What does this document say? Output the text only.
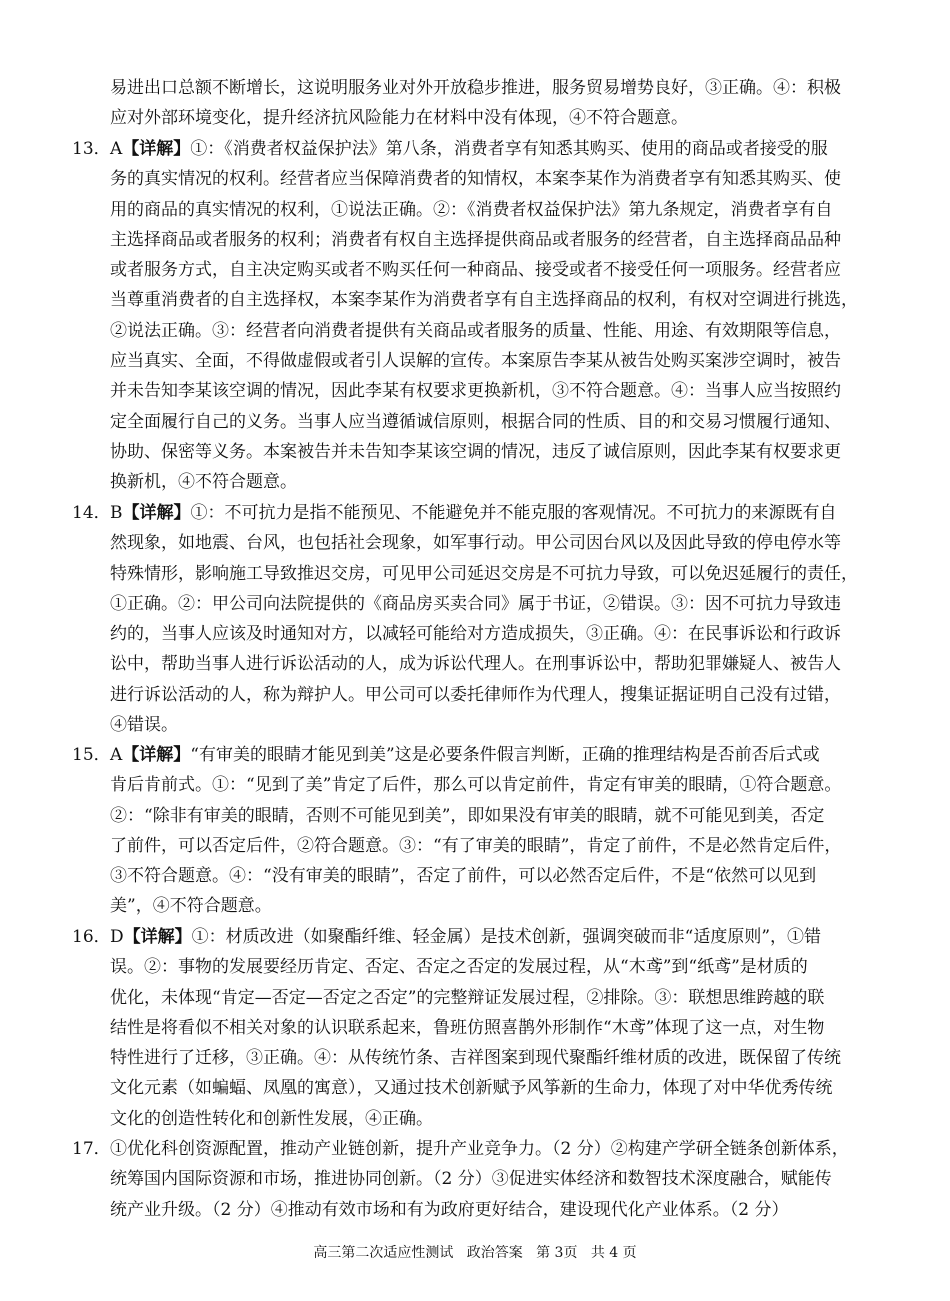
易进出口总额不断增长，这说明服务业对外开放稳步推进，服务贸易增势良好，③正确。④：积极
应对外部环境变化，提升经济抗风险能力在材料中没有体现，④不符合题意。
13．A【详解】①：《消费者权益保护法》第八条，消费者享有知悉其购买、使用的商品或者接受的服
务的真实情况的权利。经营者应当保障消费者的知情权，本案李某作为消费者享有知悉其购买、使
用的商品的真实情况的权利，①说法正确。②：《消费者权益保护法》第九条规定，消费者享有自
主选择商品或者服务的权利；消费者有权自主选择提供商品或者服务的经营者，自主选择商品品种
或者服务方式，自主决定购买或者不购买任何一种商品、接受或者不接受任何一项服务。经营者应
当尊重消费者的自主选择权，本案李某作为消费者享有自主选择商品的权利，有权对空调进行挑选，
②说法正确。③：经营者向消费者提供有关商品或者服务的质量、性能、用途、有效期限等信息，
应当真实、全面，不得做虚假或者引人误解的宣传。本案原告李某从被告处购买案涉空调时，被告
并未告知李某该空调的情况，因此李某有权要求更换新机，③不符合题意。④：当事人应当按照约
定全面履行自己的义务。当事人应当遵循诚信原则，根据合同的性质、目的和交易习惯履行通知、
协助、保密等义务。本案被告并未告知李某该空调的情况，违反了诚信原则，因此李某有权要求更
换新机，④不符合题意。
14．B【详解】①：不可抗力是指不能预见、不能避免并不能克服的客观情况。不可抗力的来源既有自
然现象，如地震、台风，也包括社会现象，如军事行动。甲公司因台风以及因此导致的停电停水等
特殊情形，影响施工导致推迟交房，可见甲公司延迟交房是不可抗力导致，可以免迟延履行的责任，
①正确。②：甲公司向法院提供的《商品房买卖合同》属于书证，②错误。③：因不可抗力导致违
约的，当事人应该及时通知对方，以减轻可能给对方造成损失，③正确。④：在民事诉讼和行政诉
讼中，帮助当事人进行诉讼活动的人，成为诉讼代理人。在刑事诉讼中，帮助犯罪嫌疑人、被告人
进行诉讼活动的人，称为辩护人。甲公司可以委托律师作为代理人，搜集证据证明自己没有过错，
④错误。
15．A【详解】“有审美的眼睛才能见到美”这是必要条件假言判断，正确的推理结构是否前否后式或
肯后肯前式。①：“见到了美”肯定了后件，那么可以肯定前件，肯定有审美的眼睛，①符合题意。
②：“除非有审美的眼睛，否则不可能见到美”，即如果没有审美的眼睛，就不可能见到美，否定
了前件，可以否定后件，②符合题意。③：“有了审美的眼睛”，肯定了前件，不是必然肯定后件，
③不符合题意。④：“没有审美的眼睛”，否定了前件，可以必然否定后件，不是“依然可以见到
美”，④不符合题意。
16．D【详解】①：材质改进（如聚酯纤维、轻金属）是技术创新，强调突破而非“适度原则”，①错
误。②：事物的发展要经历肯定、否定、否定之否定的发展过程，从“木鸢”到“纸鸢”是材质的
优化，未体现“肯定—否定—否定之否定”的完整辩证发展过程，②排除。③：联想思维跨越的联
结性是将看似不相关对象的认识联系起来，鲁班仿照喜鹊外形制作“木鸢”体现了这一点，对生物
特性进行了迁移，③正确。④：从传统竹条、吉祥图案到现代聚酯纤维材质的改进，既保留了传统
文化元素（如蝙蝠、凤凰的寓意），又通过技术创新赋予风筝新的生命力，体现了对中华优秀传统
文化的创造性转化和创新性发展，④正确。
17．①优化科创资源配置，推动产业链创新，提升产业竞争力。（2 分）②构建产学研全链条创新体系，
统筹国内国际资源和市场，推进协同创新。（2 分）③促进实体经济和数智技术深度融合，赋能传
统产业升级。（2 分）④推动有效市场和有为政府更好结合，建设现代化产业体系。（2 分）
高三第二次适应性测试 政治答案 第 3页 共 4 页
